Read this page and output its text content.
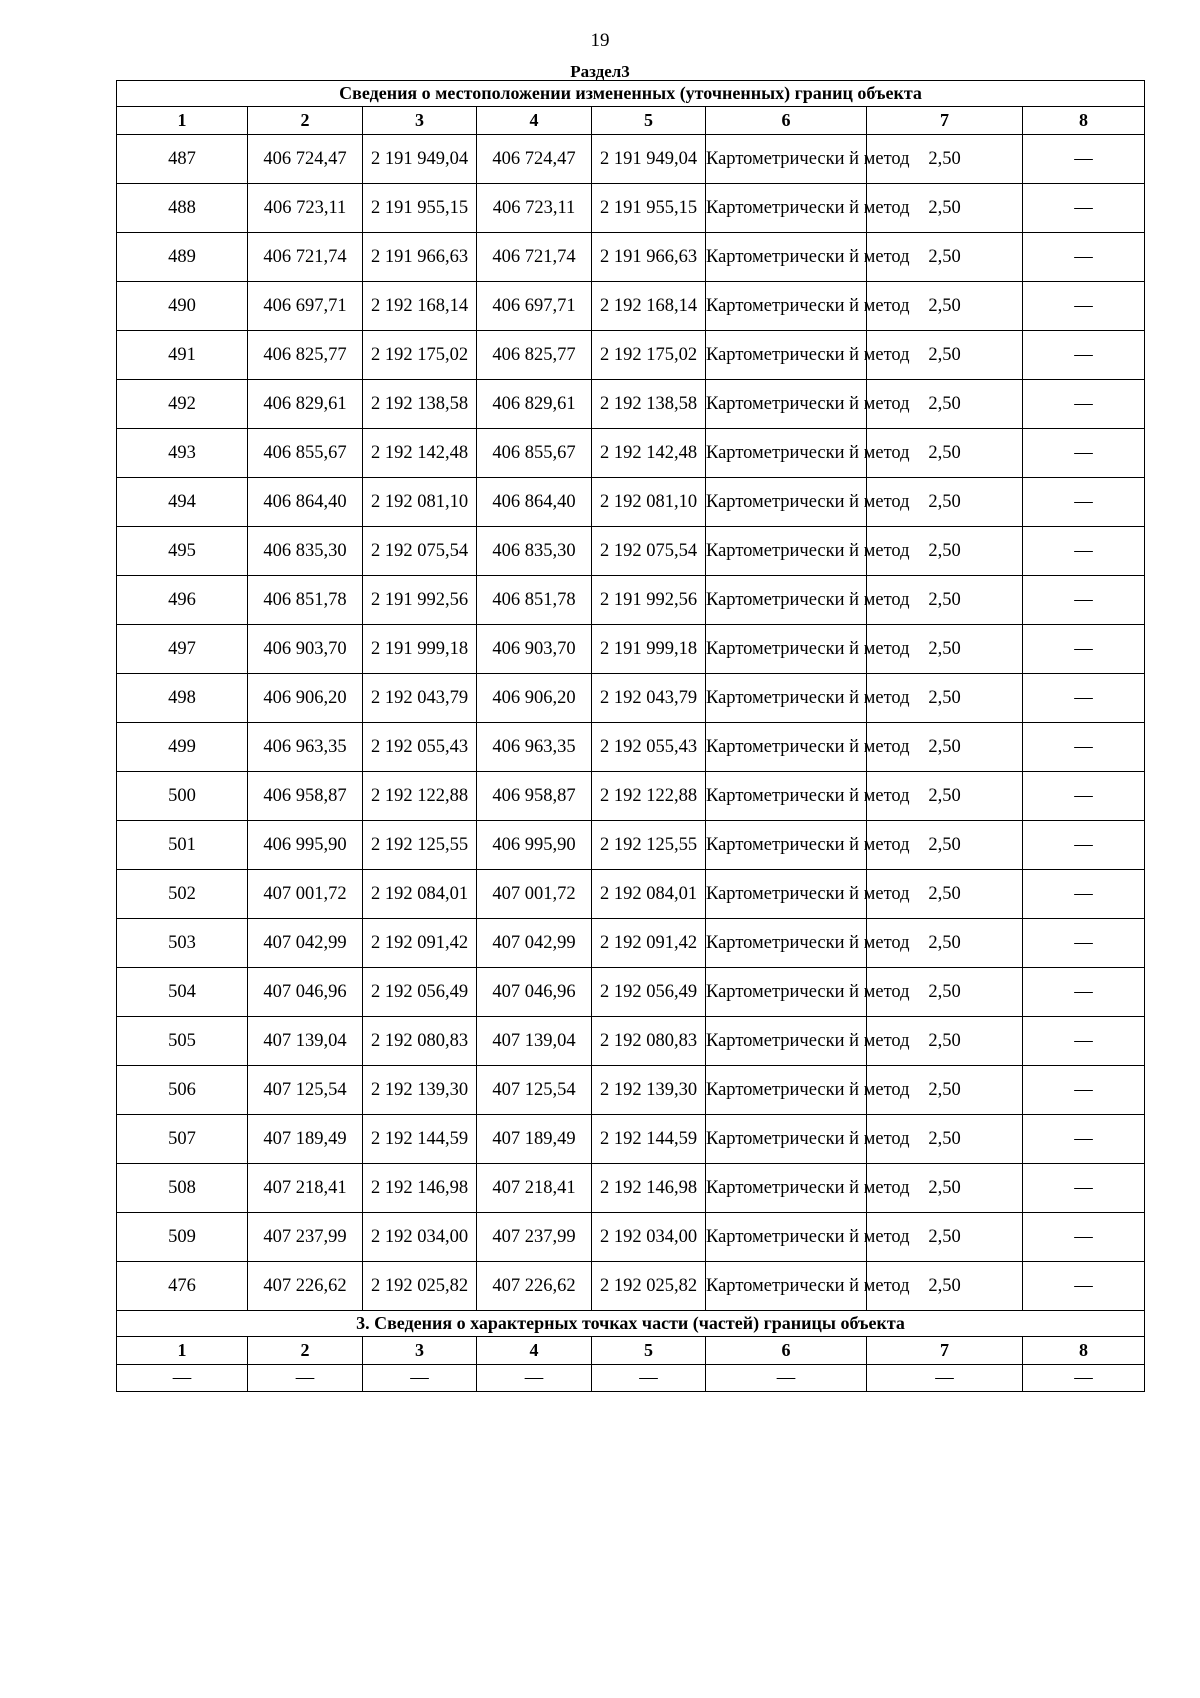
19
Раздел3
Сведения о местоположении измененных (уточненных) границ объекта							
1	2	3	4	5	6	7	8
487	406 724,47	2 191 949,04	406 724,47	2 191 949,04	Картометрически й метод	2,50	—
488	406 723,11	2 191 955,15	406 723,11	2 191 955,15	Картометрически й метод	2,50	—
489	406 721,74	2 191 966,63	406 721,74	2 191 966,63	Картометрически й метод	2,50	—
490	406 697,71	2 192 168,14	406 697,71	2 192 168,14	Картометрически й метод	2,50	—
491	406 825,77	2 192 175,02	406 825,77	2 192 175,02	Картометрически й метод	2,50	—
492	406 829,61	2 192 138,58	406 829,61	2 192 138,58	Картометрически й метод	2,50	—
493	406 855,67	2 192 142,48	406 855,67	2 192 142,48	Картометрически й метод	2,50	—
494	406 864,40	2 192 081,10	406 864,40	2 192 081,10	Картометрически й метод	2,50	—
495	406 835,30	2 192 075,54	406 835,30	2 192 075,54	Картометрически й метод	2,50	—
496	406 851,78	2 191 992,56	406 851,78	2 191 992,56	Картометрически й метод	2,50	—
497	406 903,70	2 191 999,18	406 903,70	2 191 999,18	Картометрически й метод	2,50	—
498	406 906,20	2 192 043,79	406 906,20	2 192 043,79	Картометрически й метод	2,50	—
499	406 963,35	2 192 055,43	406 963,35	2 192 055,43	Картометрически й метод	2,50	—
500	406 958,87	2 192 122,88	406 958,87	2 192 122,88	Картометрически й метод	2,50	—
501	406 995,90	2 192 125,55	406 995,90	2 192 125,55	Картометрически й метод	2,50	—
502	407 001,72	2 192 084,01	407 001,72	2 192 084,01	Картометрически й метод	2,50	—
503	407 042,99	2 192 091,42	407 042,99	2 192 091,42	Картометрически й метод	2,50	—
504	407 046,96	2 192 056,49	407 046,96	2 192 056,49	Картометрически й метод	2,50	—
505	407 139,04	2 192 080,83	407 139,04	2 192 080,83	Картометрически й метод	2,50	—
506	407 125,54	2 192 139,30	407 125,54	2 192 139,30	Картометрически й метод	2,50	—
507	407 189,49	2 192 144,59	407 189,49	2 192 144,59	Картометрически й метод	2,50	—
508	407 218,41	2 192 146,98	407 218,41	2 192 146,98	Картометрически й метод	2,50	—
509	407 237,99	2 192 034,00	407 237,99	2 192 034,00	Картометрически й метод	2,50	—
476	407 226,62	2 192 025,82	407 226,62	2 192 025,82	Картометрически й метод	2,50	—
3. Сведения о характерных точках части (частей) границы объекта							
1	2	3	4	5	6	7	8
—	—	—	—	—	—	—	—
